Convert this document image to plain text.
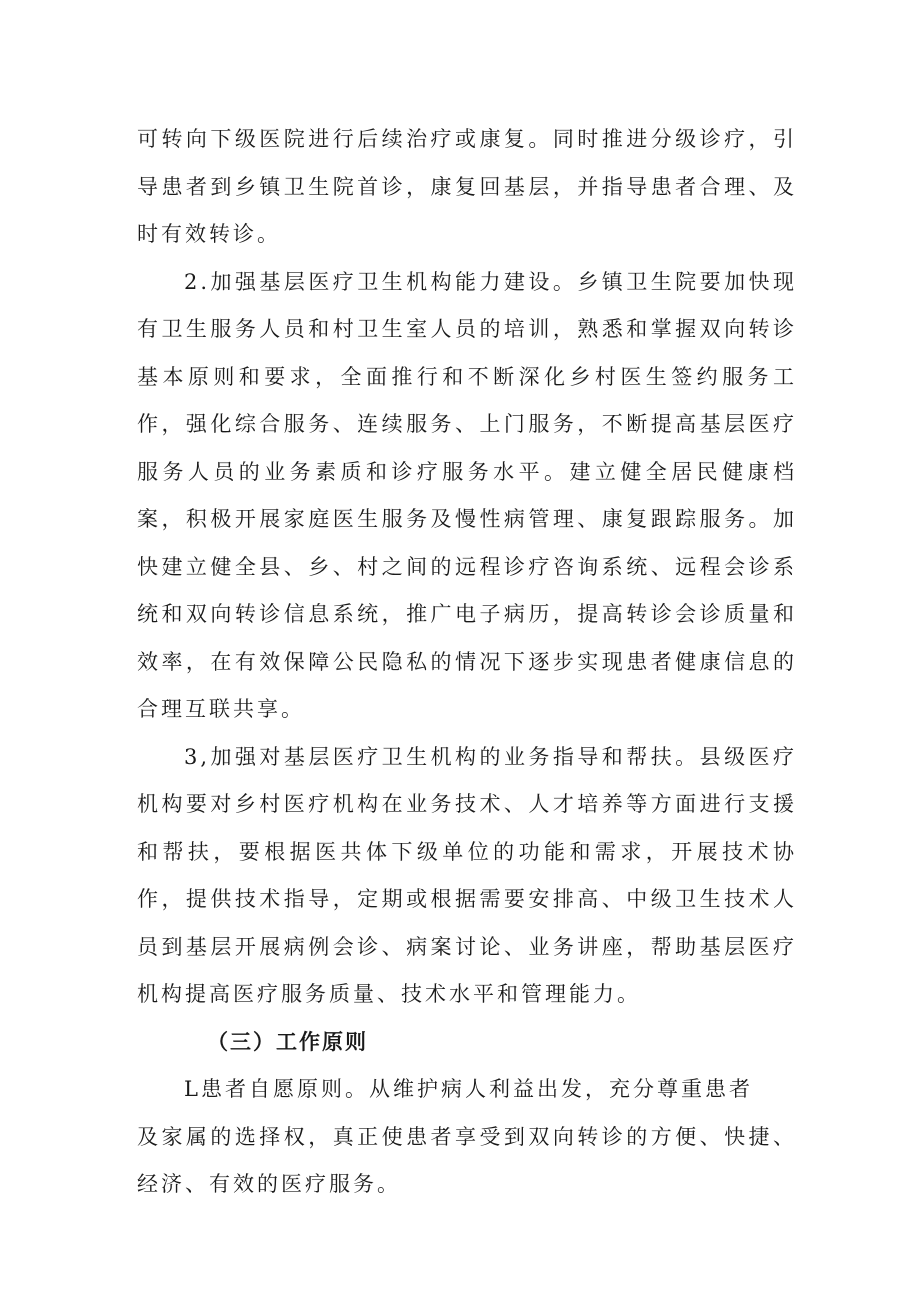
可转向下级医院进行后续治疗或康复。同时推进分级诊疗，引导患者到乡镇卫生院首诊，康复回基层，并指导患者合理、及时有效转诊。

2.加强基层医疗卫生机构能力建设。乡镇卫生院要加快现有卫生服务人员和村卫生室人员的培训，熟悉和掌握双向转诊基本原则和要求，全面推行和不断深化乡村医生签约服务工作，强化综合服务、连续服务、上门服务，不断提高基层医疗服务人员的业务素质和诊疗服务水平。建立健全居民健康档案，积极开展家庭医生服务及慢性病管理、康复跟踪服务。加快建立健全县、乡、村之间的远程诊疗咨询系统、远程会诊系统和双向转诊信息系统，推广电子病历，提高转诊会诊质量和效率，在有效保障公民隐私的情况下逐步实现患者健康信息的合理互联共享。

3,加强对基层医疗卫生机构的业务指导和帮扶。县级医疗机构要对乡村医疗机构在业务技术、人才培养等方面进行支援和帮扶，要根据医共体下级单位的功能和需求，开展技术协作，提供技术指导，定期或根据需要安排高、中级卫生技术人员到基层开展病例会诊、病案讨论、业务讲座，帮助基层医疗机构提高医疗服务质量、技术水平和管理能力。

（三）工作原则

L患者自愿原则。从维护病人利益出发，充分尊重患者
及家属的选择权，真正使患者享受到双向转诊的方便、快捷、经济、有效的医疗服务。
